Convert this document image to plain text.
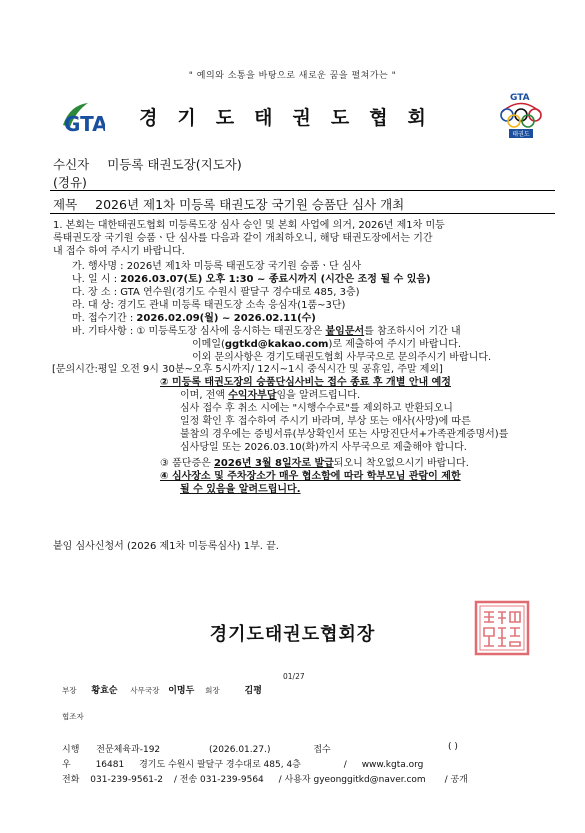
" 예의와 소통을 바탕으로 새로운 꿈을 펼쳐가는 "
GTA	경기도태권도협회
GTA
태권도
수신자 미등록 태권도장(지도자)
(경유)
제목 2026년 제1차 미등록 태권도장 국기원 승품단 심사 개최
1. 본회는 대한태권도협회 미등록도장 심사 승인 및 본회 사업에 의거, 2026년 제1차 미등
록태권도장 국기원 승품ㆍ단 심사를 다음과 같이 개최하오니, 해당 태권도장에서는 기간
내 접수 하여 주시기 바랍니다.
가. 행사명 : 2026년 제1차 미등록 태권도장 국기원 승품ㆍ단 심사
나. 일 시 : 2026.03.07(토) 오후 1:30 ~ 종료시까지 (시간은 조정 될 수 있음)
다. 장 소 : GTA 연수원(경기도 수원시 팔달구 경수대로 485, 3층)
라. 대 상: 경기도 관내 미등록 태권도장 소속 응심자(1품~3단)
마. 접수기간 : 2026.02.09(월) ~ 2026.02.11(수)
바. 기타사항 : ① 미등록도장 심사에 응시하는 태권도장은 붙임문서를 참조하시어 기간 내
이메일(ggtkd@kakao.com)로 제출하여 주시기 바랍니다.
이외 문의사항은 경기도태권도협회 사무국으로 문의주시기 바랍니다.
[문의시간:평일 오전 9시 30분~오후 5시까지/ 12시~1시 중식시간 및 공휴일, 주말 제외]
② 미등록 태권도장의 승품단심사비는 접수 종료 후 개별 안내 예정
이며, 전액 수익자부담임을 알려드립니다.
심사 접수 후 취소 시에는 "시행수수료"를 제외하고 반환되오니
일정 확인 후 접수하여 주시기 바라며, 부상 또는 애사(사망)에 따른
불참의 경우에는 증빙서류(부상확인서 또는 사망진단서+가족관계증명서)를
심사당일 또는 2026.03.10(화)까지 사무국으로 제출해야 합니다.
③ 품단증은 2026년 3월 8일자로 발급되오니 착오없으시기 바랍니다.
④ 심사장소 및 주차장소가 매우 협소함에 따라 학부모님 관람이 제한
될 수 있음을 알려드립니다.
붙임 심사신청서 (2026 제1차 미등록심사) 1부. 끝.
경기도태권도협회장
01/27
부장 황효순 사무국장 이명두 회장	김평
협조자
시행 전문체육과-192	(2026.01.27.)	접수	( )
우	16481 경기도 수원시 팔달구 경수대로 485, 4층	/ www.kgta.org
전화 031-239-9561-2 / 전송 031-239-9564 / 사용자 gyeonggitkd@naver.com / 공개
